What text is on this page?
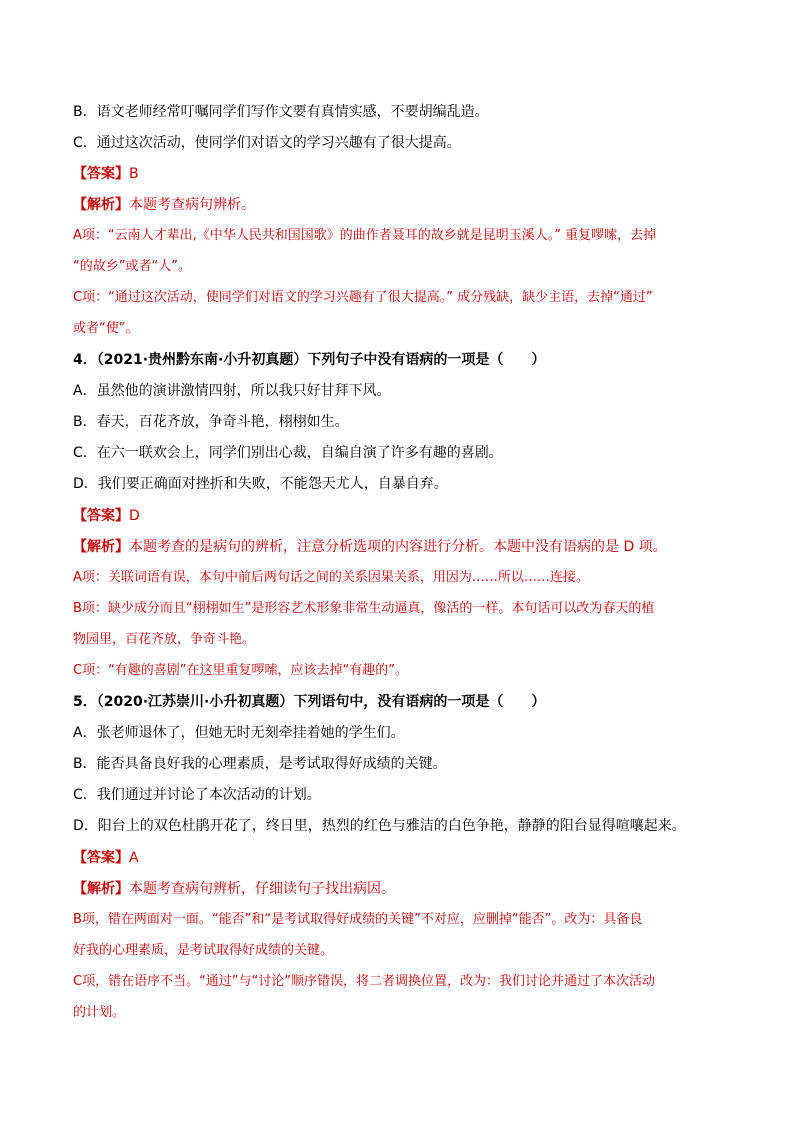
B．语文老师经常叮嘱同学们写作文要有真情实感，不要胡编乱造。
C．通过这次活动，使同学们对语文的学习兴趣有了很大提高。
【答案】B
【解析】本题考查病句辨析。
A项：“云南人才辈出,《中华人民共和国国歌》的曲作者聂耳的故乡就是昆明玉溪人。” 重复啰嗦，去掉
“的故乡”或者“人”。
C项：“通过这次活动，使同学们对语文的学习兴趣有了很大提高。” 成分残缺，缺少主语，去掉“通过”
或者“使”。
4．（2021·贵州黔东南·小升初真题）下列句子中没有语病的一项是（　　）
A．虽然他的演讲激情四射，所以我只好甘拜下风。
B．春天，百花齐放，争奇斗艳，栩栩如生。
C．在六一联欢会上，同学们别出心裁，自编自演了许多有趣的喜剧。
D．我们要正确面对挫折和失败，不能怨天尤人，自暴自弃。
【答案】D
【解析】本题考查的是病句的辨析，注意分析选项的内容进行分析。本题中没有语病的是 D 项。
A项：关联词语有误，本句中前后两句话之间的关系因果关系，用因为……所以……连接。
B项：缺少成分而且“栩栩如生”是形容艺术形象非常生动逼真，像活的一样。本句话可以改为春天的植
物园里，百花齐放，争奇斗艳。
C项：“有趣的喜剧”在这里重复啰嗦，应该去掉“有趣的”。
5．（2020·江苏崇川·小升初真题）下列语句中，没有语病的一项是（　　）
A．张老师退休了，但她无时无刻牵挂着她的学生们。
B．能否具备良好我的心理素质，是考试取得好成绩的关键。
C．我们通过并讨论了本次活动的计划。
D．阳台上的双色杜鹃开花了，终日里，热烈的红色与雅洁的白色争艳，静静的阳台显得喧嚷起来。
【答案】A
【解析】本题考查病句辨析，仔细读句子找出病因。
B项，错在两面对一面。“能否”和“是考试取得好成绩的关键”不对应，应删掉“能否”。改为：具备良
好我的心理素质，是考试取得好成绩的关键。
C项，错在语序不当。“通过”与“讨论”顺序错误，将二者调换位置，改为：我们讨论并通过了本次活动
的计划。
